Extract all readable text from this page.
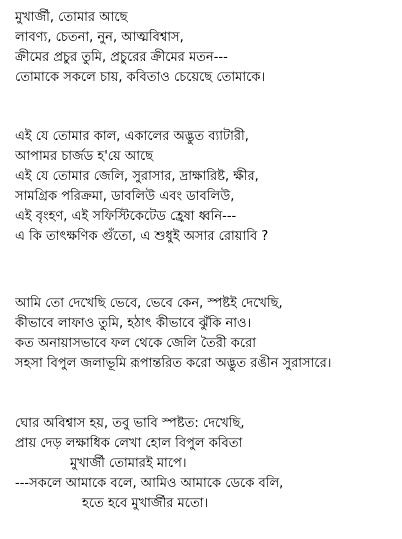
মুখার্জী, তোমার আছে
লাবণ্য, চেতনা, নুন, আত্মবিশ্বাস,
ক্রীমের প্রচুর তুমি, প্রচুরের ক্রীমের মতন---
তোমাকে সকলে চায়, কবিতাও চেয়েছে তোমাকে।
এই যে তোমার কাল, একালের অদ্ভুত ব্যাটারী,
আপামর চার্জড হ'য়ে আছে
এই যে তোমার জেলি, সুরাসার, দ্রাক্ষারিষ্ট, ক্ষীর,
সামগ্রিক পরিক্রমা, ডাবলিউ এবং ডাবলিউ,
এই বৃংহণ, এই সফিস্টিকেটেড হ্রেষা ধ্বনি---
এ কি তাৎক্ষণিক গুঁতো, এ শুধুই অসার রোয়াবি ?
আমি তো দেখেছি ভেবে, ভেবে কেন, স্পষ্টই দেখেছি,
কীভাবে লাফাও তুমি, হঠাৎ কীভাবে ঝুঁকি নাও।
কত অনায়াসভাবে ফল থেকে জেলি তৈরী করো
সহসা বিপুল জলাভূমি রূপান্তরিত করো অদ্ভুত রঙীন সুরাসারে।
ঘোর অবিশ্বাস হয়, তবু ভাবি স্পষ্টত: দেখেছি,
প্রায় দেড় লক্ষাধিক লেখা হোল বিপুল কবিতা
মুখার্জী তোমারই মাপে।
---সকলে আমাকে বলে, আমিও আমাকে ডেকে বলি,
হতে হবে মুখার্জীর মতো।
